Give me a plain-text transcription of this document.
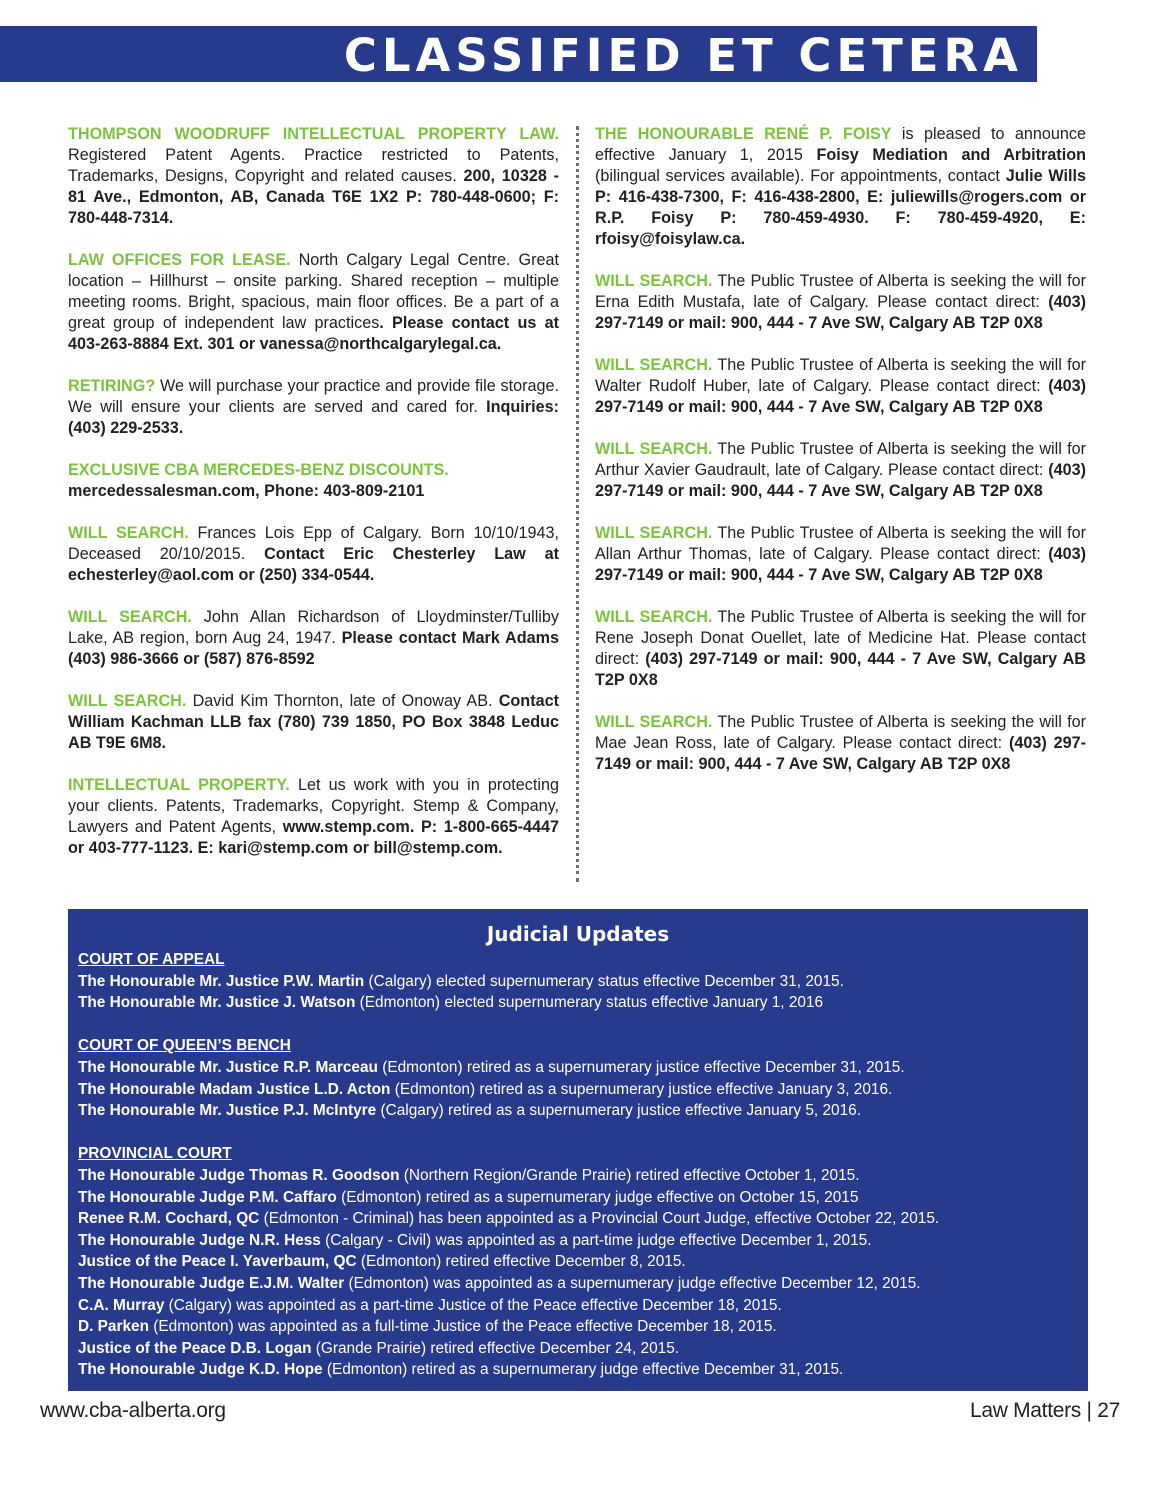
CLASSIFIED ET CETERA

THOMPSON WOODRUFF INTELLECTUAL PROPERTY LAW. Registered Patent Agents. Practice restricted to Patents, Trademarks, Designs, Copyright and related causes. 200, 10328 - 81 Ave., Edmonton, AB, Canada T6E 1X2 P: 780-448-0600; F: 780-448-7314.

LAW OFFICES FOR LEASE. North Calgary Legal Centre. Great location – Hillhurst – onsite parking. Shared reception – multiple meeting rooms. Bright, spacious, main floor offices. Be a part of a great group of independent law practices. Please contact us at 403-263-8884 Ext. 301 or vanessa@northcalgarylegal.ca.

RETIRING? We will purchase your practice and provide file storage. We will ensure your clients are served and cared for. Inquiries: (403) 229-2533.

EXCLUSIVE CBA MERCEDES-BENZ DISCOUNTS.
mercedessalesman.com, Phone: 403-809-2101

WILL SEARCH. Frances Lois Epp of Calgary. Born 10/10/1943, Deceased 20/10/2015. Contact Eric Chesterley Law at echesterley@aol.com or (250) 334-0544.

WILL SEARCH. John Allan Richardson of Lloydminster/Tulliby Lake, AB region, born Aug 24, 1947. Please contact Mark Adams (403) 986-3666 or (587) 876-8592

WILL SEARCH. David Kim Thornton, late of Onoway AB. Contact William Kachman LLB fax (780) 739 1850, PO Box 3848 Leduc AB T9E 6M8.

INTELLECTUAL PROPERTY. Let us work with you in protecting your clients. Patents, Trademarks, Copyright. Stemp & Company, Lawyers and Patent Agents, www.stemp.com. P: 1-800-665-4447 or 403-777-1123. E: kari@stemp.com or bill@stemp.com.

THE HONOURABLE RENÉ P. FOISY is pleased to announce effective January 1, 2015 Foisy Mediation and Arbitration (bilingual services available). For appointments, contact Julie Wills P: 416-438-7300, F: 416-438-2800, E: juliewills@rogers.com or R.P. Foisy P: 780-459-4930. F: 780-459-4920, E: rfoisy@foisylaw.ca.

WILL SEARCH. The Public Trustee of Alberta is seeking the will for Erna Edith Mustafa, late of Calgary. Please contact direct: (403) 297-7149 or mail: 900, 444 - 7 Ave SW, Calgary AB T2P 0X8

WILL SEARCH. The Public Trustee of Alberta is seeking the will for Walter Rudolf Huber, late of Calgary. Please contact direct: (403) 297-7149 or mail: 900, 444 - 7 Ave SW, Calgary AB T2P 0X8

WILL SEARCH. The Public Trustee of Alberta is seeking the will for Arthur Xavier Gaudrault, late of Calgary. Please contact direct: (403) 297-7149 or mail: 900, 444 - 7 Ave SW, Calgary AB T2P 0X8

WILL SEARCH. The Public Trustee of Alberta is seeking the will for Allan Arthur Thomas, late of Calgary. Please contact direct: (403) 297-7149 or mail: 900, 444 - 7 Ave SW, Calgary AB T2P 0X8

WILL SEARCH. The Public Trustee of Alberta is seeking the will for Rene Joseph Donat Ouellet, late of Medicine Hat. Please contact direct: (403) 297-7149 or mail: 900, 444 - 7 Ave SW, Calgary AB T2P 0X8

WILL SEARCH. The Public Trustee of Alberta is seeking the will for Mae Jean Ross, late of Calgary. Please contact direct: (403) 297-7149 or mail: 900, 444 - 7 Ave SW, Calgary AB T2P 0X8

Judicial Updates
COURT OF APPEAL
The Honourable Mr. Justice P.W. Martin (Calgary) elected supernumerary status effective December 31, 2015.
The Honourable Mr. Justice J. Watson (Edmonton) elected supernumerary status effective January 1, 2016
COURT OF QUEEN’S BENCH
The Honourable Mr. Justice R.P. Marceau (Edmonton) retired as a supernumerary justice effective December 31, 2015.
The Honourable Madam Justice L.D. Acton (Edmonton) retired as a supernumerary justice effective January 3, 2016.
The Honourable Mr. Justice P.J. McIntyre (Calgary) retired as a supernumerary justice effective January 5, 2016.
PROVINCIAL COURT
The Honourable Judge Thomas R. Goodson (Northern Region/Grande Prairie) retired effective October 1, 2015.
The Honourable Judge P.M. Caffaro (Edmonton) retired as a supernumerary judge effective on October 15, 2015
Renee R.M. Cochard, QC (Edmonton - Criminal) has been appointed as a Provincial Court Judge, effective October 22, 2015.
The Honourable Judge N.R. Hess (Calgary - Civil) was appointed as a part-time judge effective December 1, 2015.
Justice of the Peace I. Yaverbaum, QC (Edmonton) retired effective December 8, 2015.
The Honourable Judge E.J.M. Walter (Edmonton) was appointed as a supernumerary judge effective December 12, 2015.
C.A. Murray (Calgary) was appointed as a part-time Justice of the Peace effective December 18, 2015.
D. Parken (Edmonton) was appointed as a full-time Justice of the Peace effective December 18, 2015.
Justice of the Peace D.B. Logan (Grande Prairie) retired effective December 24, 2015.
The Honourable Judge K.D. Hope (Edmonton) retired as a supernumerary judge effective December 31, 2015.
www.cba-alberta.org	Law Matters | 27
